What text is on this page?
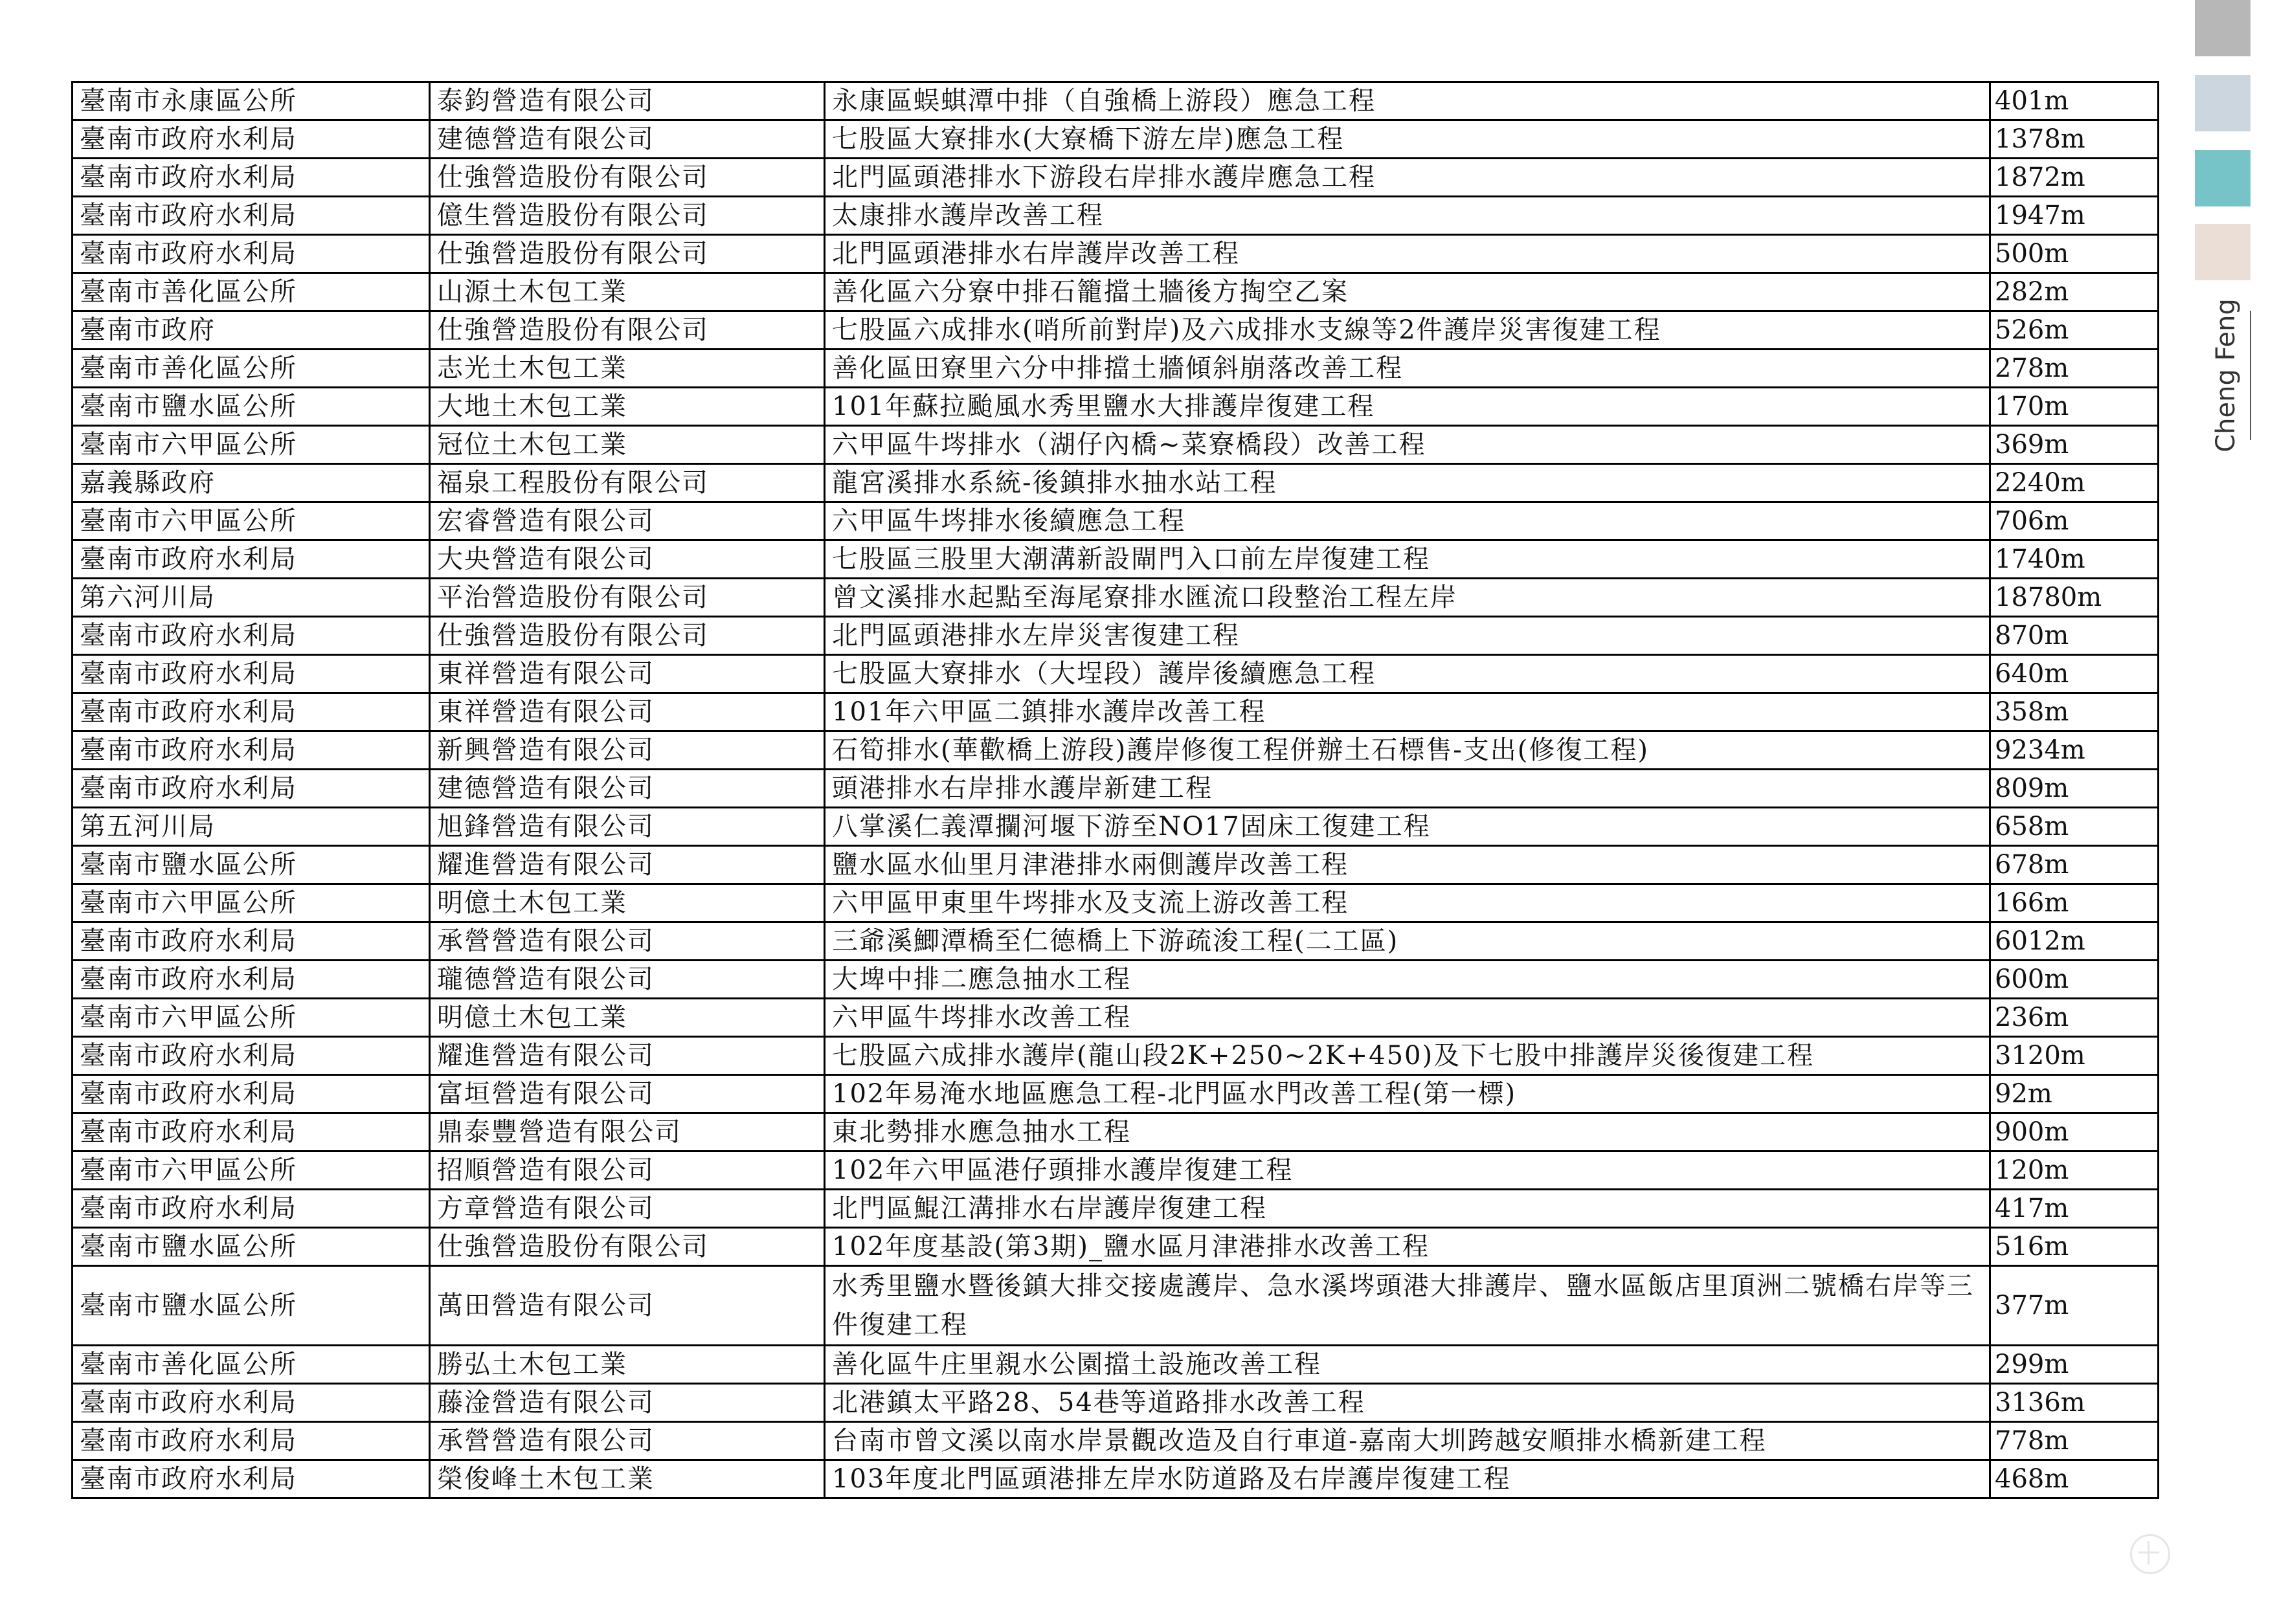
Cheng Feng
臺南市永康區公所	泰鈞營造有限公司	永康區蜈蜞潭中排（自強橋上游段）應急工程	401m
臺南市政府水利局	建德營造有限公司	七股區大寮排水(大寮橋下游左岸)應急工程	1378m
臺南市政府水利局	仕強營造股份有限公司	北門區頭港排水下游段右岸排水護岸應急工程	1872m
臺南市政府水利局	億生營造股份有限公司	太康排水護岸改善工程	1947m
臺南市政府水利局	仕強營造股份有限公司	北門區頭港排水右岸護岸改善工程	500m
臺南市善化區公所	山源土木包工業	善化區六分寮中排石籠擋土牆後方掏空乙案	282m
臺南市政府	仕強營造股份有限公司	七股區六成排水(哨所前對岸)及六成排水支線等2件護岸災害復建工程	526m
臺南市善化區公所	志光土木包工業	善化區田寮里六分中排擋土牆傾斜崩落改善工程	278m
臺南市鹽水區公所	大地土木包工業	101年蘇拉颱風水秀里鹽水大排護岸復建工程	170m
臺南市六甲區公所	冠位土木包工業	六甲區牛埁排水（湖仔內橋~菜寮橋段）改善工程	369m
嘉義縣政府	福泉工程股份有限公司	龍宮溪排水系統-後鎮排水抽水站工程	2240m
臺南市六甲區公所	宏睿營造有限公司	六甲區牛埁排水後續應急工程	706m
臺南市政府水利局	大央營造有限公司	七股區三股里大潮溝新設閘門入口前左岸復建工程	1740m
第六河川局	平治營造股份有限公司	曾文溪排水起點至海尾寮排水匯流口段整治工程左岸	18780m
臺南市政府水利局	仕強營造股份有限公司	北門區頭港排水左岸災害復建工程	870m
臺南市政府水利局	東祥營造有限公司	七股區大寮排水（大埕段）護岸後續應急工程	640m
臺南市政府水利局	東祥營造有限公司	101年六甲區二鎮排水護岸改善工程	358m
臺南市政府水利局	新興營造有限公司	石筍排水(華歡橋上游段)護岸修復工程併辦土石標售-支出(修復工程)	9234m
臺南市政府水利局	建德營造有限公司	頭港排水右岸排水護岸新建工程	809m
第五河川局	旭鋒營造有限公司	八掌溪仁義潭攔河堰下游至NO17固床工復建工程	658m
臺南市鹽水區公所	耀進營造有限公司	鹽水區水仙里月津港排水兩側護岸改善工程	678m
臺南市六甲區公所	明億土木包工業	六甲區甲東里牛埁排水及支流上游改善工程	166m
臺南市政府水利局	承營營造有限公司	三爺溪鯽潭橋至仁德橋上下游疏浚工程(二工區)	6012m
臺南市政府水利局	瓏德營造有限公司	大埤中排二應急抽水工程	600m
臺南市六甲區公所	明億土木包工業	六甲區牛埁排水改善工程	236m
臺南市政府水利局	耀進營造有限公司	七股區六成排水護岸(龍山段2K+250~2K+450)及下七股中排護岸災後復建工程	3120m
臺南市政府水利局	富垣營造有限公司	102年易淹水地區應急工程-北門區水門改善工程(第一標)	92m
臺南市政府水利局	鼎泰豐營造有限公司	東北勢排水應急抽水工程	900m
臺南市六甲區公所	招順營造有限公司	102年六甲區港仔頭排水護岸復建工程	120m
臺南市政府水利局	方章營造有限公司	北門區鯤江溝排水右岸護岸復建工程	417m
臺南市鹽水區公所	仕強營造股份有限公司	102年度基設(第3期)_鹽水區月津港排水改善工程	516m
臺南市鹽水區公所	萬田營造有限公司	水秀里鹽水暨後鎮大排交接處護岸、急水溪埁頭港大排護岸、鹽水區飯店里頂洲二號橋右岸等三件復建工程	377m
臺南市善化區公所	勝弘土木包工業	善化區牛庄里親水公園擋土設施改善工程	299m
臺南市政府水利局	藤淦營造有限公司	北港鎮太平路28、54巷等道路排水改善工程	3136m
臺南市政府水利局	承營營造有限公司	台南市曾文溪以南水岸景觀改造及自行車道-嘉南大圳跨越安順排水橋新建工程	778m
臺南市政府水利局	榮俊峰土木包工業	103年度北門區頭港排左岸水防道路及右岸護岸復建工程	468m
